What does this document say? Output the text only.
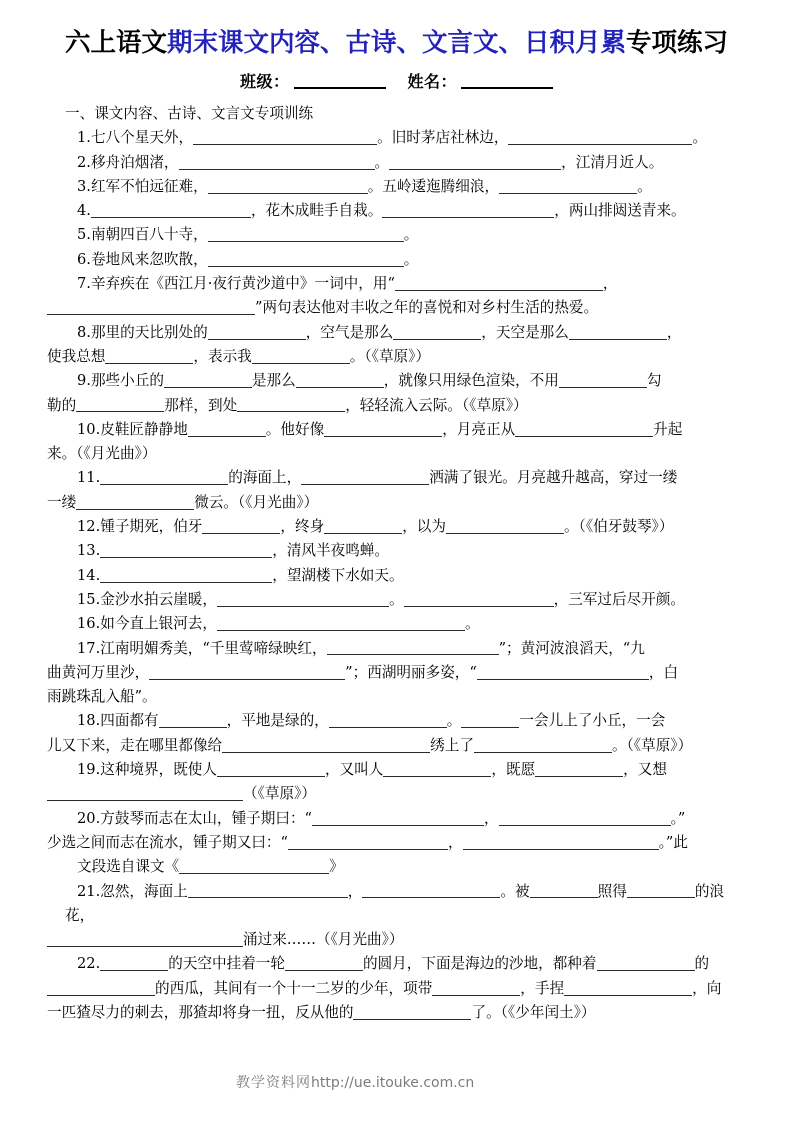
六上语文期末课文内容、古诗、文言文、日积月累专项练习
班级：	姓名：
一、课文内容、古诗、文言文专项训练
1.七八个星天外，	。旧时茅店社林边，	。
2.移舟泊烟渚，	。	，江清月近人。
3.红军不怕远征难，	。五岭逶迤腾细浪，	。
4.	，花木成畦手自栽。	，两山排闼送青来。
5.南朝四百八十寺，	。
6.卷地风来忽吹散，	。
7.辛弃疾在《西江月·夜行黄沙道中》一词中，用“	，
”两句表达他对丰收之年的喜悦和对乡村生活的热爱。
8.那里的天比别处的	，空气是那么	，天空是那么	，
使我总想	，表示我	。（《草原》）
9.那些小丘的	是那么	，就像只用绿色渲染，不用	勾
勒的	那样，到处	，轻轻流入云际。（《草原》）
10.皮鞋匠静静地	。他好像	，月亮正从	升起
来。（《月光曲》）
11.	的海面上，	洒满了银光。月亮越升越高，穿过一缕
一缕	微云。（《月光曲》）
12.锺子期死，伯牙	，终身	，以为	。（《伯牙鼓琴》）
13.	，清风半夜鸣蝉。
14.	，望湖楼下水如天。
15.金沙水拍云崖暖，	。	，三军过后尽开颜。
16.如今直上银河去，	。
17.江南明媚秀美，“千里莺啼绿映红，	”；黄河波浪滔天，“九
曲黄河万里沙，	”；西湖明丽多姿，“	，白
雨跳珠乱入船”。
18.四面都有	，平地是绿的，	。	一会儿上了小丘，一会
儿又下来，走在哪里都像给	绣上了	。（《草原》）
19.这种境界，既使人	，又叫人	，既愿	，又想
（《草原》）
20.方鼓琴而志在太山，锺子期曰：“	，	。”
少选之间而志在流水，锺子期又曰：“	，	。”此
文段选自课文《	》
21.忽然，海面上	，	。被	照得	的浪花，
涌过来……（《月光曲》）
22.	的天空中挂着一轮	的圆月，下面是海边的沙地，都种着	的
的西瓜，其间有一个十一二岁的少年，项带	，手捏	，向
一匹猹尽力的刺去，那猹却将身一扭，反从他的	了。（《少年闰土》）
教学资料网http://ue.itouke.com.cn
